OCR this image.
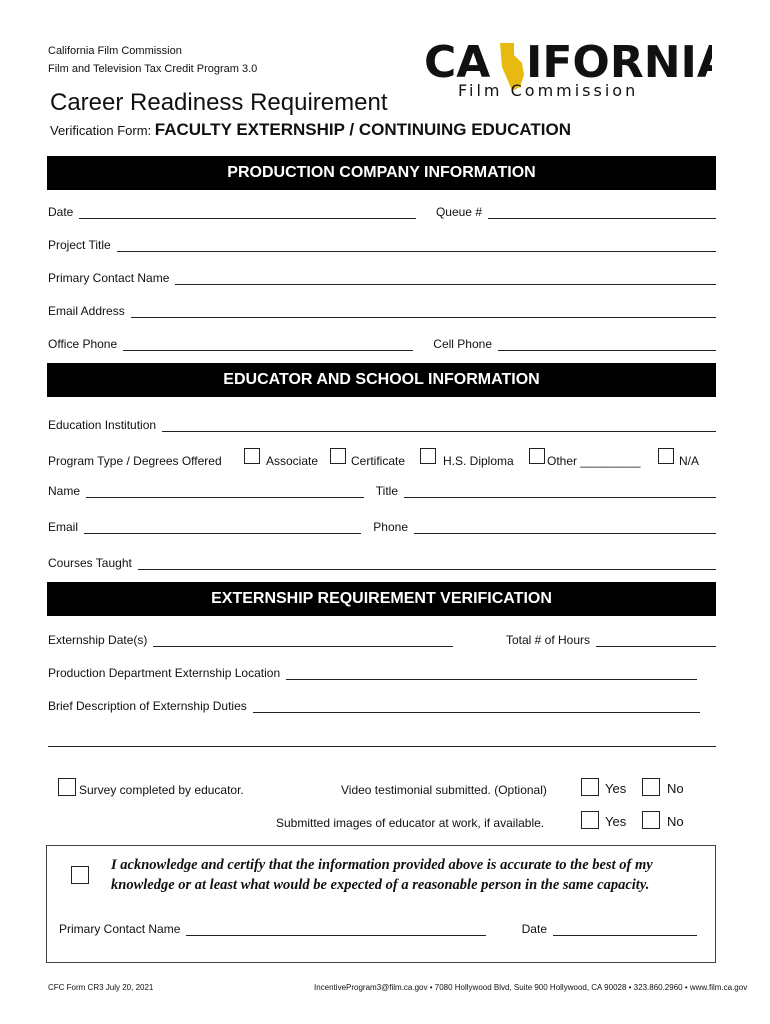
California Film Commission
Film and Television Tax Credit Program 3.0
Career Readiness Requirement
Verification Form: FACULTY EXTERNSHIP / CONTINUING EDUCATION
CA IFORNIA
Film Commission
PRODUCTION COMPANY INFORMATION
Date	Queue #
Project Title
Primary Contact Name
Email Address
Office Phone	Cell Phone
EDUCATOR AND SCHOOL INFORMATION
Education Institution
Program Type / Degrees Offered	Associate	Certificate	H.S. Diploma	Other _________	N/A
Name	Title
Email	Phone
Courses Taught
EXTERNSHIP REQUIREMENT VERIFICATION
Externship Date(s)	Total # of Hours
Production Department Externship Location
Brief Description of Externship Duties
Survey completed by educator.	Video testimonial submitted. (Optional)	Yes	No
Submitted images of educator at work, if available.	Yes	No
I acknowledge and certify that the information provided above is accurate to the best of my
knowledge or at least what would be expected of a reasonable person in the same capacity.
Primary Contact Name	Date
CFC Form CR3 July 20, 2021	IncentiveProgram3@film.ca.gov • 7080 Hollywood Blvd, Suite 900 Hollywood, CA 90028 • 323.860.2960 • www.film.ca.gov
